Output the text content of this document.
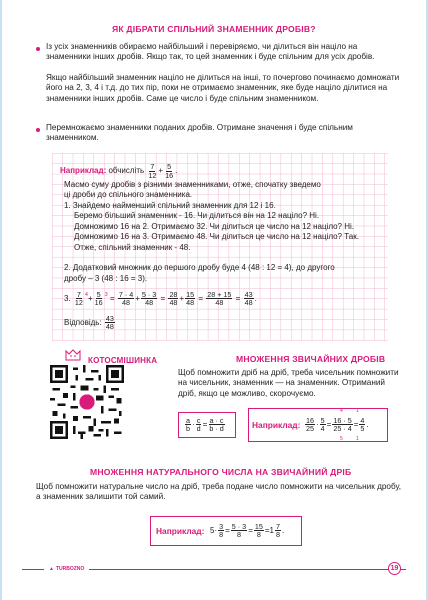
ЯК ДІБРАТИ СПІЛЬНИЙ ЗНАМЕННИК ДРОБІВ?
Із усіх знаменників обираємо найбільший і перевіряємо, чи ділиться він націло на знаменники інших дробів. Якщо так, то цей знаменник і буде спільним для усіх дробів.
Якщо найбільший знаменник націло не ділиться на інші, то почергово починаємо домножати його на 2, 3, 4 і т.д. до тих пір, поки не отримаємо знаменник, яке буде націло ділитися на знаменники інших дробів. Саме це число і буде спільним знаменником.
Перемножаємо знаменники поданих дробів. Отримане значення і буде спільним знаменником.
Наприклад: обчисліть $\frac{7}{12} + \frac{5}{16}$ .
Масмо суму дробів з різними знаменниками, отже, спочатку зведемо
ці дроби до спільного знаменника.
1. Знайдемо найменший спільний знаменник для 12 і 16.
Беремо більший знаменник - 16. Чи ділиться він на 12 націло? Ні.
Домножимо 16 на 2. Отримаємо 32. Чи ділиться це число на 12 націло? Ні.
Домножимо 16 на 3. Отримаємо 48. Чи ділиться це число на 12 націло? Так.
Отже, спільний знаменник - 48.
2. Додатковий множник до першого дробу буде 4 (48 : 12 = 4), до другого
дробу – 3 (48 : 16 = 3).
3. $\frac{7}{12} ^4+ \frac{5}{16} ^3 = \frac{7 \cdot 4}{48} + \frac{5 \cdot 3}{48} = \frac{28}{48} + \frac{15}{48} = \frac{28 + 15}{48} = \frac{43}{48}$ .
Відповідь: $\frac{43}{48}$
КОТОСМІШИНКА	МНОЖЕННЯ ЗВИЧАЙНИХ ДРОБІВ
Щоб помножити дріб на дріб, треба чисельник помножити на чисельник, знаменник — на знаменник. Отриманий дріб, якщо це можливо, скорочуємо.
$\frac{a}{b} \cdot \frac{c}{d} = \frac{a \cdot c}{b \cdot d}$	Наприклад: $\frac{16}{25} \cdot \frac{5}{4} = \frac{16 \cdot 5}{25 \cdot 4} = \frac{4}{5}$ .
4	1
5	1
МНОЖЕННЯ НАТУРАЛЬНОГО ЧИСЛА НА ЗВИЧАЙНИЙ ДРІБ
Щоб помножити натуральне число на дріб, треба подане число помножити на чисельник дробу, а знаменник залишити той самий.
Наприклад: $5\cdot \frac{3}{8} = \frac{5 \cdot 3}{8} = \frac{15}{8} =1 \frac{7}{8}$ .
▲ TURBOZNO	19
